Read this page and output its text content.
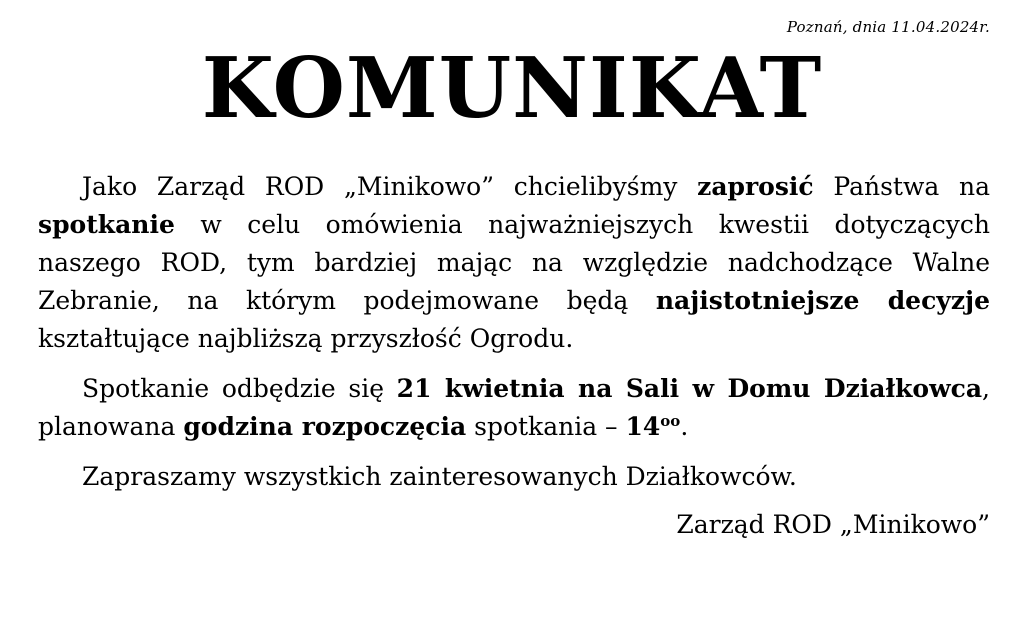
Poznań, dnia 11.04.2024r.
KOMUNIKAT

Jako Zarząd ROD „Minikowo” chcielibyśmy zaprosić Państwa na spotkanie w celu omówienia najważniejszych kwestii dotyczących naszego ROD, tym bardziej mając na względzie nadchodzące Walne Zebranie, na którym podejmowane będą najistotniejsze decyzje kształtujące najbliższą przyszłość Ogrodu.

Spotkanie odbędzie się 21 kwietnia na Sali w Domu Działkowca, planowana godzina rozpoczęcia spotkania – $14^{oo}$.

Zapraszamy wszystkich zainteresowanych Działkowców.

Zarząd ROD „Minikowo”
